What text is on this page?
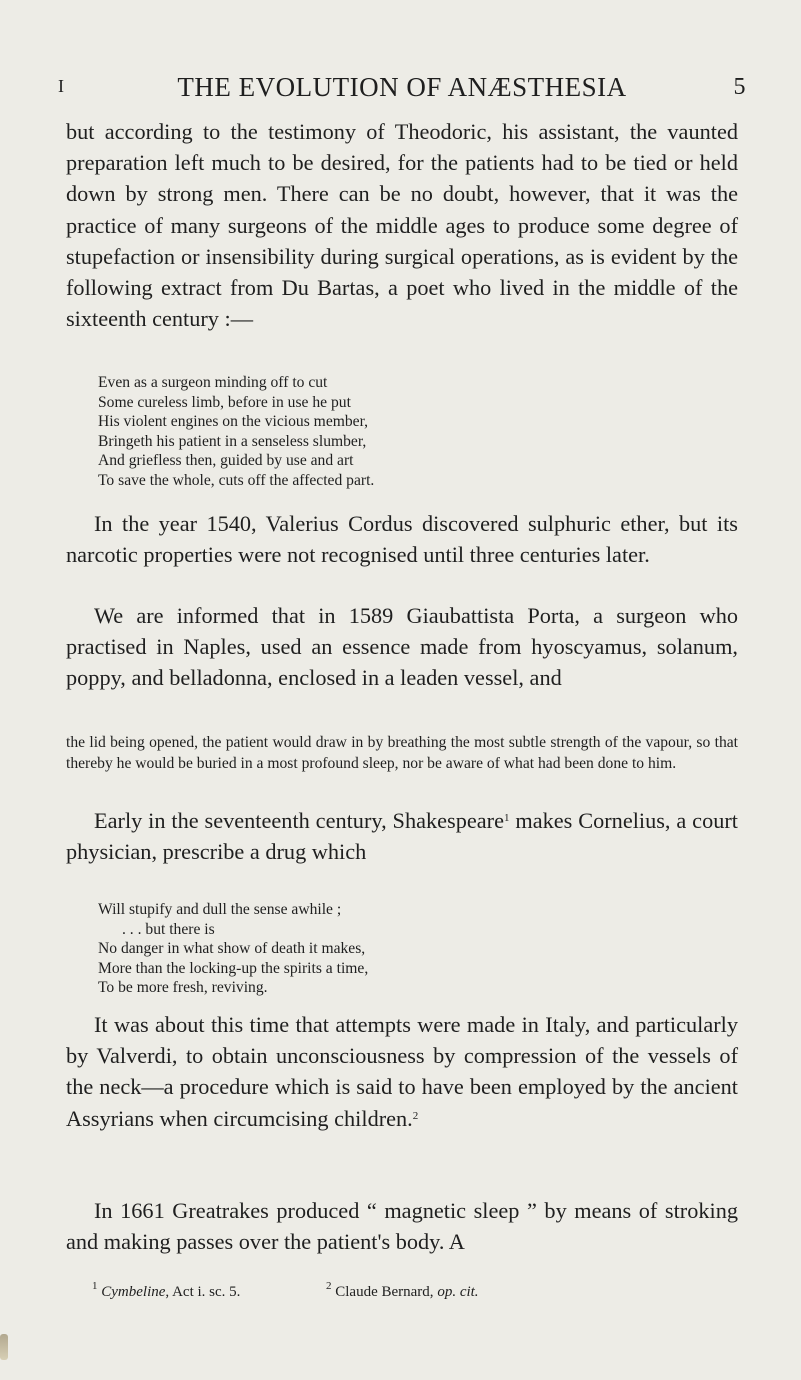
I	THE EVOLUTION OF ANÆSTHESIA	5

but according to the testimony of Theodoric, his assistant, the vaunted preparation left much to be desired, for the patients had to be tied or held down by strong men. There can be no doubt, however, that it was the practice of many surgeons of the middle ages to produce some degree of stupefaction or insensibility during surgical operations, as is evident by the following extract from Du Bartas, a poet who lived in the middle of the sixteenth century :—

Even as a surgeon minding off to cut
Some cureless limb, before in use he put
His violent engines on the vicious member,
Bringeth his patient in a senseless slumber,
And griefless then, guided by use and art
To save the whole, cuts off the affected part.

In the year 1540, Valerius Cordus discovered sulphuric ether, but its narcotic properties were not recognised until three centuries later.

We are informed that in 1589 Giaubattista Porta, a surgeon who practised in Naples, used an essence made from hyoscyamus, solanum, poppy, and belladonna, enclosed in a leaden vessel, and

the lid being opened, the patient would draw in by breathing the most subtle strength of the vapour, so that thereby he would be buried in a most profound sleep, nor be aware of what had been done to him.

Early in the seventeenth century, Shakespeare$^1$ makes Cornelius, a court physician, prescribe a drug which

Will stupify and dull the sense awhile ;
. . . but there is
No danger in what show of death it makes,
More than the locking-up the spirits a time,
To be more fresh, reviving.

It was about this time that attempts were made in Italy, and particularly by Valverdi, to obtain unconsciousness by compression of the vessels of the neck—a procedure which is said to have been employed by the ancient Assyrians when circumcising children.$^2$

In 1661 Greatrakes produced “ magnetic sleep ” by means of stroking and making passes over the patient's body. A

$^1$ Cymbeline, Act i. sc. 5.	$^2$ Claude Bernard, op. cit.
